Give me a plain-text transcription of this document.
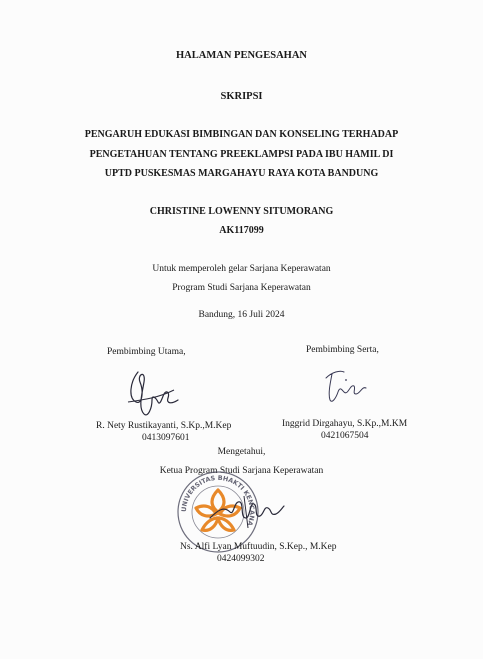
HALAMAN PENGESAHAN
SKRIPSI
PENGARUH EDUKASI BIMBINGAN DAN KONSELING TERHADAP
PENGETAHUAN TENTANG PREEKLAMPSI PADA IBU HAMIL DI
UPTD PUSKESMAS MARGAHAYU RAYA KOTA BANDUNG
CHRISTINE LOWENNY SITUMORANG
AK117099
Untuk memperoleh gelar Sarjana Keperawatan
Program Studi Sarjana Keperawatan
Bandung, 16 Juli 2024
Pembimbing Utama,
R. Nety Rustikayanti, S.Kp.,M.Kep
0413097601
Pembimbing Serta,
Inggrid Dirgahayu, S.Kp.,M.KM
0421067504
Mengetahui,
Ketua Program Studi Sarjana Keperawatan
UNIVERSITAS BHAKTI KENCANA
Ns. Alfi Lyan Muftuudin, S.Kep., M.Kep
0424099302
